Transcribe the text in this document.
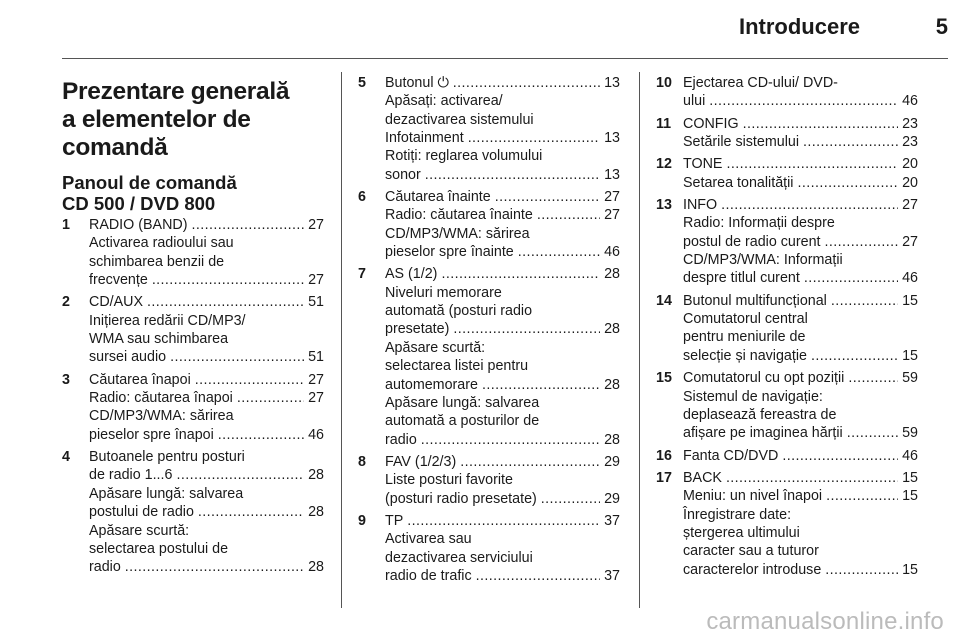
Introducere	5
Prezentare generală
a elementelor de comandă
Panoul de comandă
CD 500 / DVD 800
1 RADIO (BAND) .....	27
Activarea radioului sau
schimbarea benzii de
frecvențe .....	27
2 CD/AUX .....	51
Inițierea redării CD/MP3/
WMA sau schimbarea
sursei audio .....	51
3 Căutarea înapoi .....	27
Radio: căutarea înapoi .....	27
CD/MP3/WMA: sărirea
pieselor spre înapoi .....	46
4 Butoanele pentru posturi
de radio 1...6 .....	28
Apăsare lungă: salvarea
postului de radio .....	28
Apăsare scurtă:
selectarea postului de
radio .....	28
5 Butonul ⏻ .....	13
Apăsați: activarea/
dezactivarea sistemului
Infotainment .....	13
Rotiți: reglarea volumului
sonor .....	13
6 Căutarea înainte .....	27
Radio: căutarea înainte .....	27
CD/MP3/WMA: sărirea
pieselor spre înainte .....	46
7 AS (1/2) .....	28
Niveluri memorare
automată (posturi radio
presetate) .....	28
Apăsare scurtă:
selectarea listei pentru
automemorare .....	28
Apăsare lungă: salvarea
automată a posturilor de
radio .....	28
8 FAV (1/2/3) .....	29
Liste posturi favorite
(posturi radio presetate) .....	29
9 TP .....	37
Activarea sau
dezactivarea serviciului
radio de trafic .....	37
10 Ejectarea CD-ului/ DVD-
ului .....	46
11 CONFIG .....	23
Setările sistemului .....	23
12 TONE .....	20
Setarea tonalității .....	20
13 INFO .....	27
Radio: Informații despre
postul de radio curent .....	27
CD/MP3/WMA: Informații
despre titlul curent .....	46
14 Butonul multifuncțional .....	15
Comutatorul central
pentru meniurile de
selecție și navigație .....	15
15 Comutatorul cu opt poziții .....	59
Sistemul de navigație:
deplasează fereastra de
afișare pe imaginea hărții .....	59
16 Fanta CD/DVD .....	46
17 BACK .....	15
Meniu: un nivel înapoi .....	15
Înregistrare date:
ștergerea ultimului
caracter sau a tuturor
caracterelor introduse .....	15
carmanualsonline.info
